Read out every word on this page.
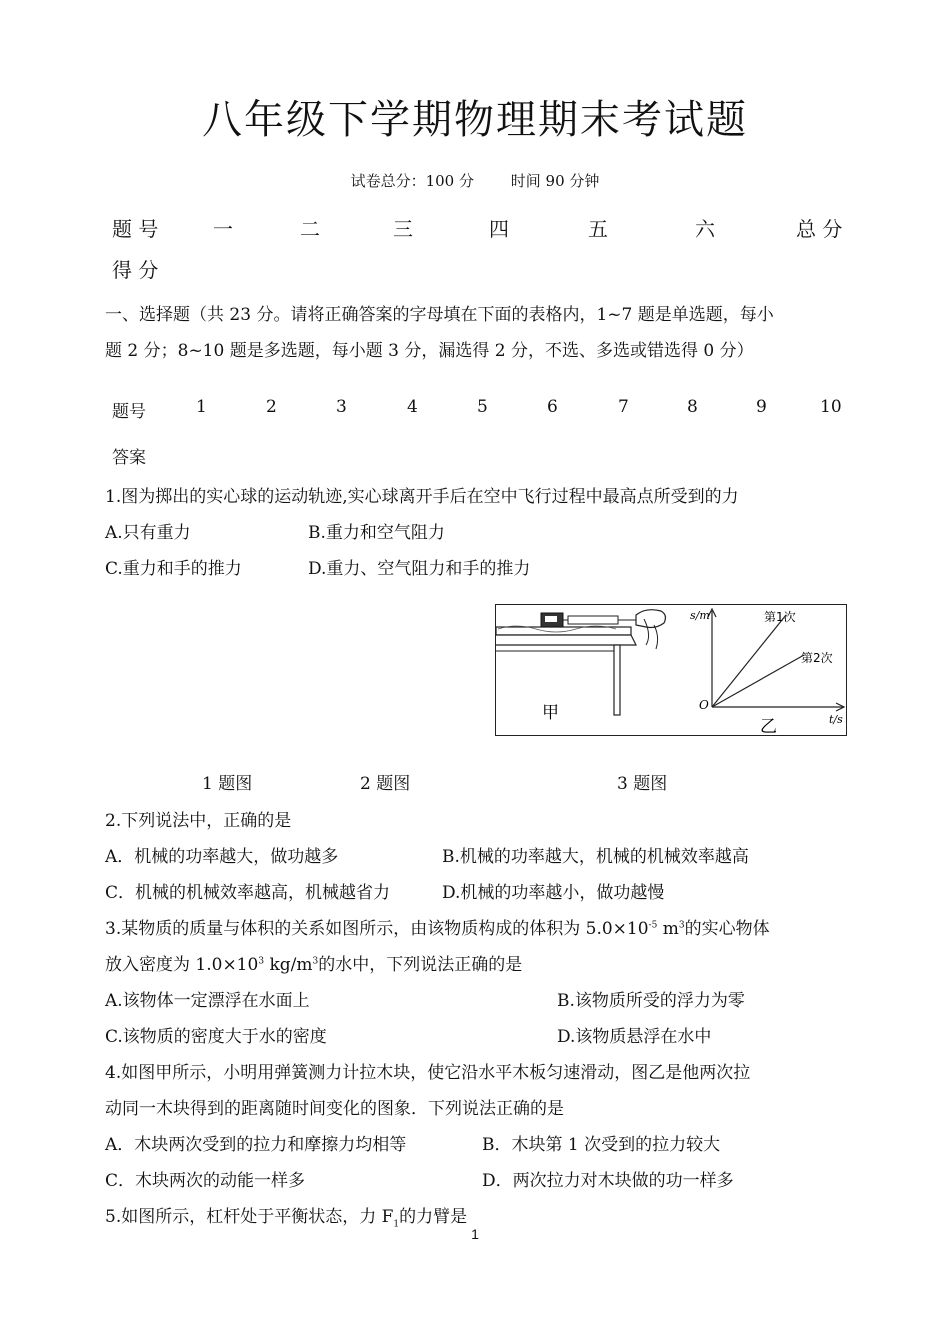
八年级下学期物理期末考试题
试卷总分：100 分 时间 90 分钟
题 号	一	二	三	四	五	六	总 分
得 分
一、选择题（共 23 分。请将正确答案的字母填在下面的表格内，1~7 题是单选题，每小
题 2 分；8~10 题是多选题，每小题 3 分，漏选得 2 分，不选、多选或错选得 0 分）
题号	1	2	3	4	5	6	7	8	9	10
答案
1.图为掷出的实心球的运动轨迹,实心球离开手后在空中飞行过程中最高点所受到的力
A.只有重力	B.重力和空气阻力
C.重力和手的推力	D.重力、空气阻力和手的推力
甲
s/m
t/s
O
第1次
第2次
乙
1 题图	2 题图	3 题图
2.下列说法中，正确的是
A．机械的功率越大，做功越多	B.机械的功率越大，机械的机械效率越高
C．机械的机械效率越高，机械越省力	D.机械的功率越小，做功越慢
3.某物质的质量与体积的关系如图所示，由该物质构成的体积为 $5.0\times 10^{-5}$ $m^3$的实心物体
放入密度为 $1.0\times 10^3$ $kg/m^3$的水中，下列说法正确的是
A.该物体一定漂浮在水面上	B.该物质所受的浮力为零
C.该物质的密度大于水的密度	D.该物质悬浮在水中
4.如图甲所示，小明用弹簧测力计拉木块，使它沿水平木板匀速滑动，图乙是他两次拉
动同一木块得到的距离随时间变化的图象．下列说法正确的是
A．木块两次受到的拉力和摩擦力均相等	B．木块第 1 次受到的拉力较大
C．木块两次的动能一样多	D．两次拉力对木块做的功一样多
5.如图所示，杠杆处于平衡状态，力 $F_1$的力臂是
1
